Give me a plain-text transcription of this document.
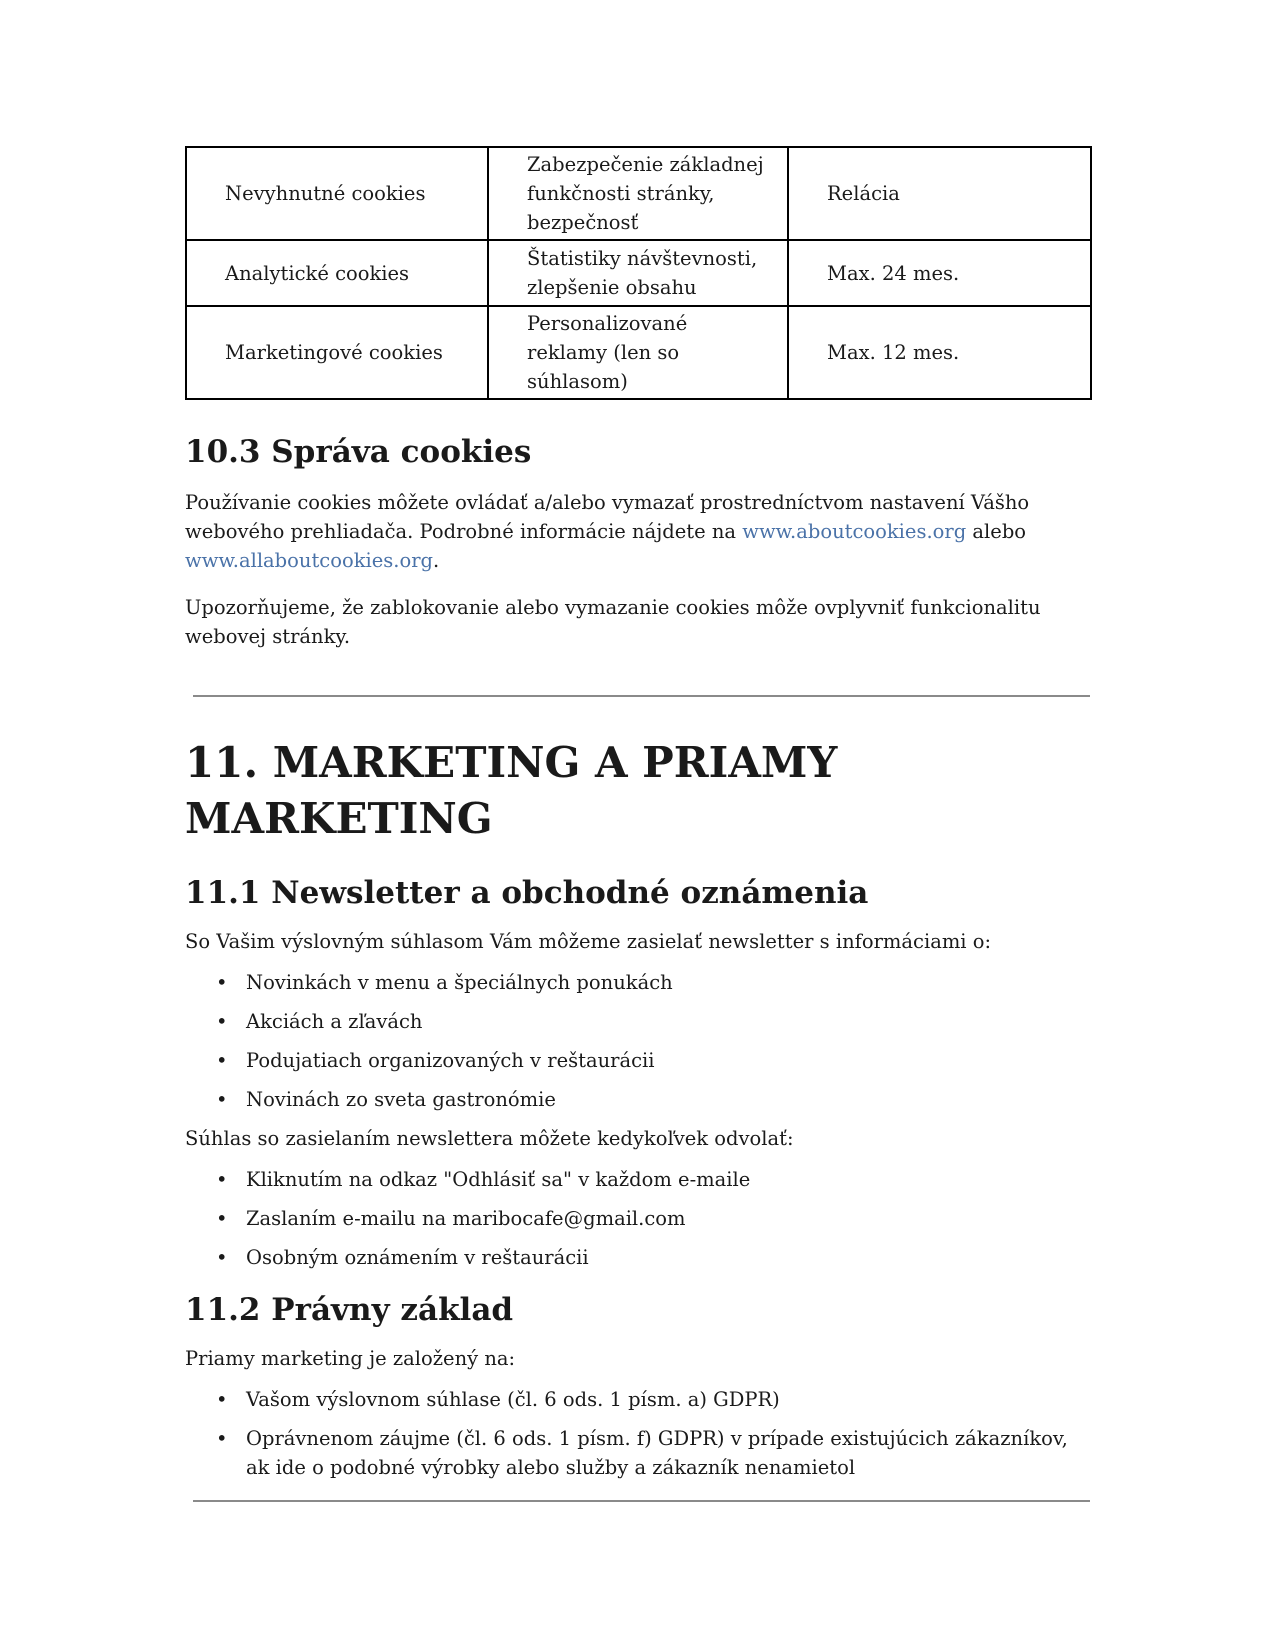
Nevyhnutné cookies	Zabezpečenie základnej funkčnosti stránky, bezpečnosť	Relácia
Analytické cookies	Štatistiky návštevnosti, zlepšenie obsahu	Max. 24 mes.
Marketingové cookies	Personalizované reklamy (len so súhlasom)	Max. 12 mes.
10.3 Správa cookies

Používanie cookies môžete ovládať a/alebo vymazať prostredníctvom nastavení Vášho webového prehliadača. Podrobné informácie nájdete na www.aboutcookies.org alebo www.allaboutcookies.org.

Upozorňujeme, že zablokovanie alebo vymazanie cookies môže ovplyvniť funkcionalitu webovej stránky.

11. MARKETING A PRIAMY MARKETING
11.1 Newsletter a obchodné oznámenia

So Vašim výslovným súhlasom Vám môžeme zasielať newsletter s informáciami o:

• Novinkách v menu a špeciálnych ponukách
• Akciách a zľavách
• Podujatiach organizovaných v reštaurácii
• Novinách zo sveta gastronómie

Súhlas so zasielaním newslettera môžete kedykoľvek odvolať:

• Kliknutím na odkaz "Odhlásiť sa" v každom e-maile
• Zaslaním e-mailu na maribocafe@gmail.com
• Osobným oznámením v reštaurácii
11.2 Právny základ

Priamy marketing je založený na:

• Vašom výslovnom súhlase (čl. 6 ods. 1 písm. a) GDPR)
• Oprávnenom záujme (čl. 6 ods. 1 písm. f) GDPR) v prípade existujúcich zákazníkov, ak ide o podobné výrobky alebo služby a zákazník nenamietol
